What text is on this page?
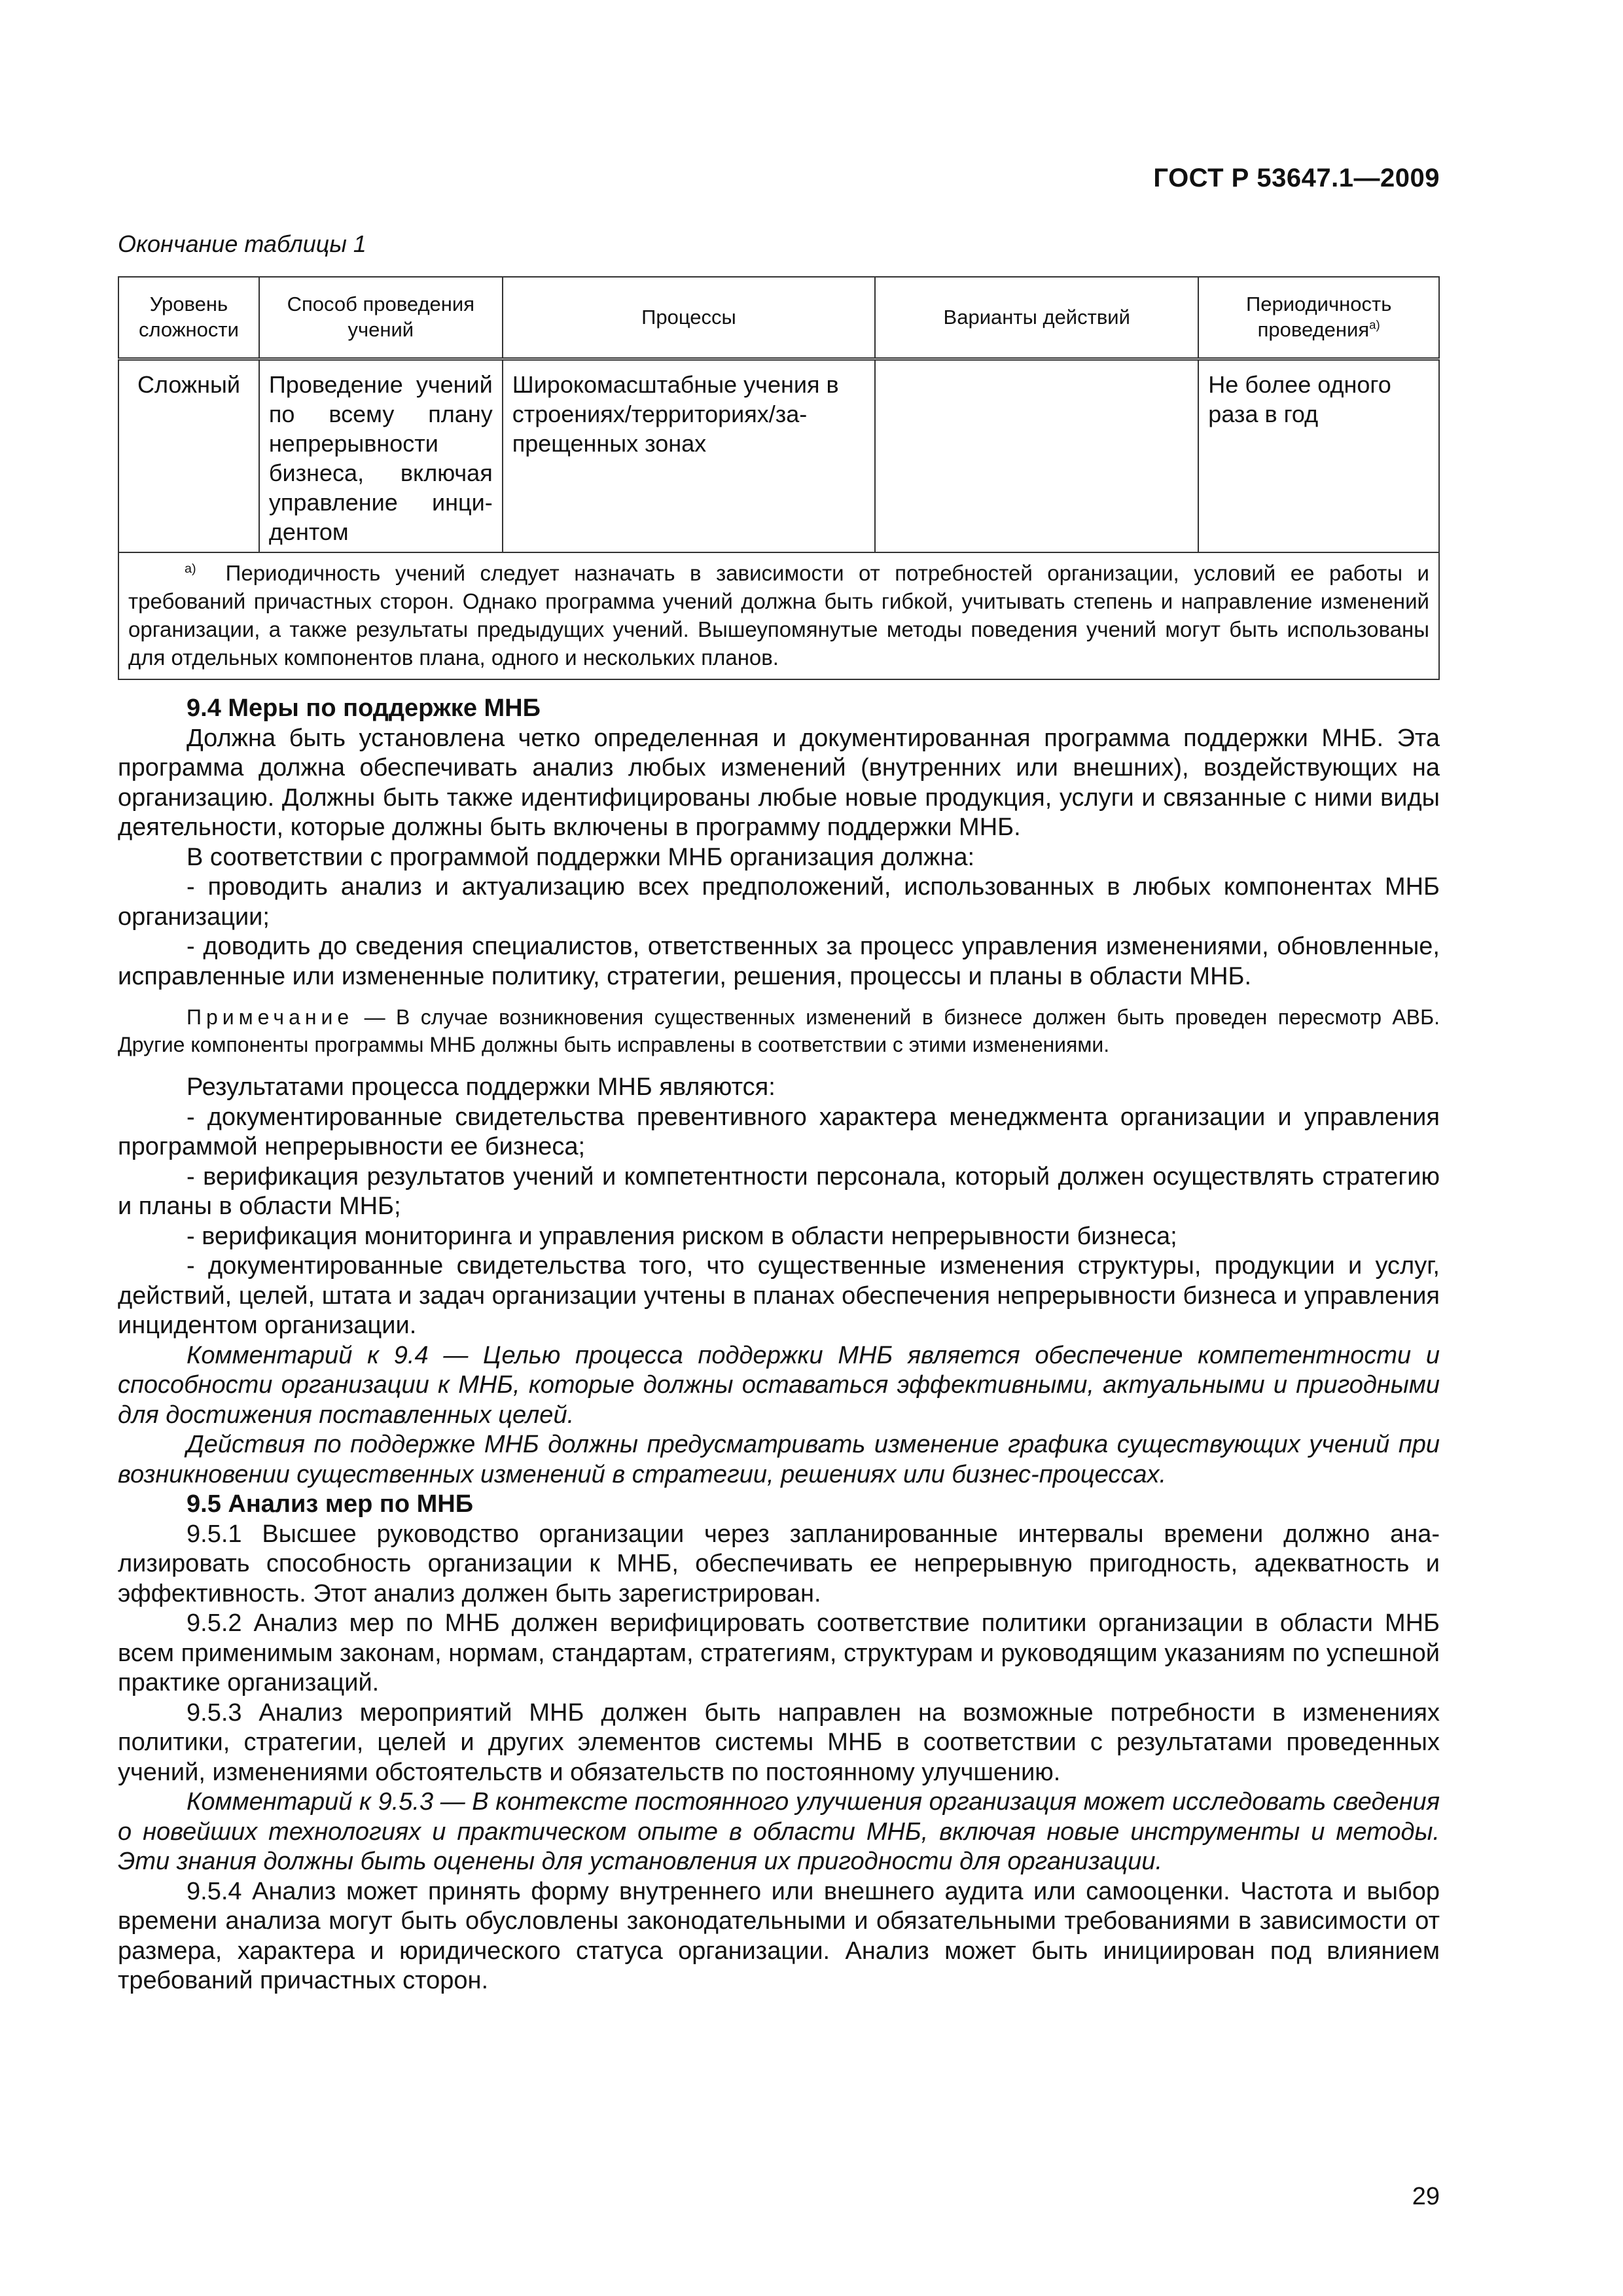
ГОСТ Р 53647.1—2009
Окончание таблицы 1
Уровень сложности	Способ проведения учений	Процессы	Варианты действий	Периодичность проведения$^{а)}$
Сложный	Проведение учений по всему плану непрерывности бизнеса, включая управление инцидентом	Широкомасштабные учения в строениях/территориях/запрещенных зонах		Не более одного раза в год

$^{а)}$ Периодичность учений следует назначать в зависимости от потребностей организации, условий ее работы и требований причастных сторон. Однако программа учений должна быть гибкой, учитывать степень и направление изменений организации, а также результаты предыдущих учений. Вышеупомянутые методы поведения учений могут быть использованы для отдельных компонентов плана, одного и нескольких планов.				
9.4 Меры по поддержке МНБ

Должна быть установлена четко определенная и документированная программа поддержки МНБ. Эта программа должна обеспечивать анализ любых изменений (внутренних или внешних), воздействующих на организацию. Должны быть также идентифицированы любые новые продукция, услуги и связанные с ними виды деятельности, которые должны быть включены в программу поддержки МНБ.

В соответствии с программой поддержки МНБ организация должна:

- проводить анализ и актуализацию всех предположений, использованных в любых компонентах МНБ организации;

- доводить до сведения специалистов, ответственных за процесс управления изменениями, обновленные, исправленные или измененные политику, стратегии, решения, процессы и планы в области МНБ.

Примечание — В случае возникновения существенных изменений в бизнесе должен быть проведен пересмотр АВБ. Другие компоненты программы МНБ должны быть исправлены в соответствии с этими изменениями.

Результатами процесса поддержки МНБ являются:

- документированные свидетельства превентивного характера менеджмента организации и управления программой непрерывности ее бизнеса;

- верификация результатов учений и компетентности персонала, который должен осуществлять стратегию и планы в области МНБ;

- верификация мониторинга и управления риском в области непрерывности бизнеса;

- документированные свидетельства того, что существенные изменения структуры, продукции и услуг, действий, целей, штата и задач организации учтены в планах обеспечения непрерывности бизнеса и управления инцидентом организации.

Комментарий к 9.4 — Целью процесса поддержки МНБ является обеспечение компетентности и способности организации к МНБ, которые должны оставаться эффективными, актуальными и пригодными для достижения поставленных целей.

Действия по поддержке МНБ должны предусматривать изменение графика существующих учений при возникновении существенных изменений в стратегии, решениях или бизнес-процессах.

9.5 Анализ мер по МНБ

9.5.1 Высшее руководство организации через запланированные интервалы времени должно анализировать способность организации к МНБ, обеспечивать ее непрерывную пригодность, адекватность и эффективность. Этот анализ должен быть зарегистрирован.

9.5.2 Анализ мер по МНБ должен верифицировать соответствие политики организации в области МНБ всем применимым законам, нормам, стандартам, стратегиям, структурам и руководящим указаниям по успешной практике организаций.

9.5.3 Анализ мероприятий МНБ должен быть направлен на возможные потребности в изменениях политики, стратегии, целей и других элементов системы МНБ в соответствии с результатами проведенных учений, изменениями обстоятельств и обязательств по постоянному улучшению.

Комментарий к 9.5.3 — В контексте постоянного улучшения организация может исследовать сведения о новейших технологиях и практическом опыте в области МНБ, включая новые инструменты и методы. Эти знания должны быть оценены для установления их пригодности для организации.

9.5.4 Анализ может принять форму внутреннего или внешнего аудита или самооценки. Частота и выбор времени анализа могут быть обусловлены законодательными и обязательными требованиями в зависимости от размера, характера и юридического статуса организации. Анализ может быть инициирован под влиянием требований причастных сторон.

29
